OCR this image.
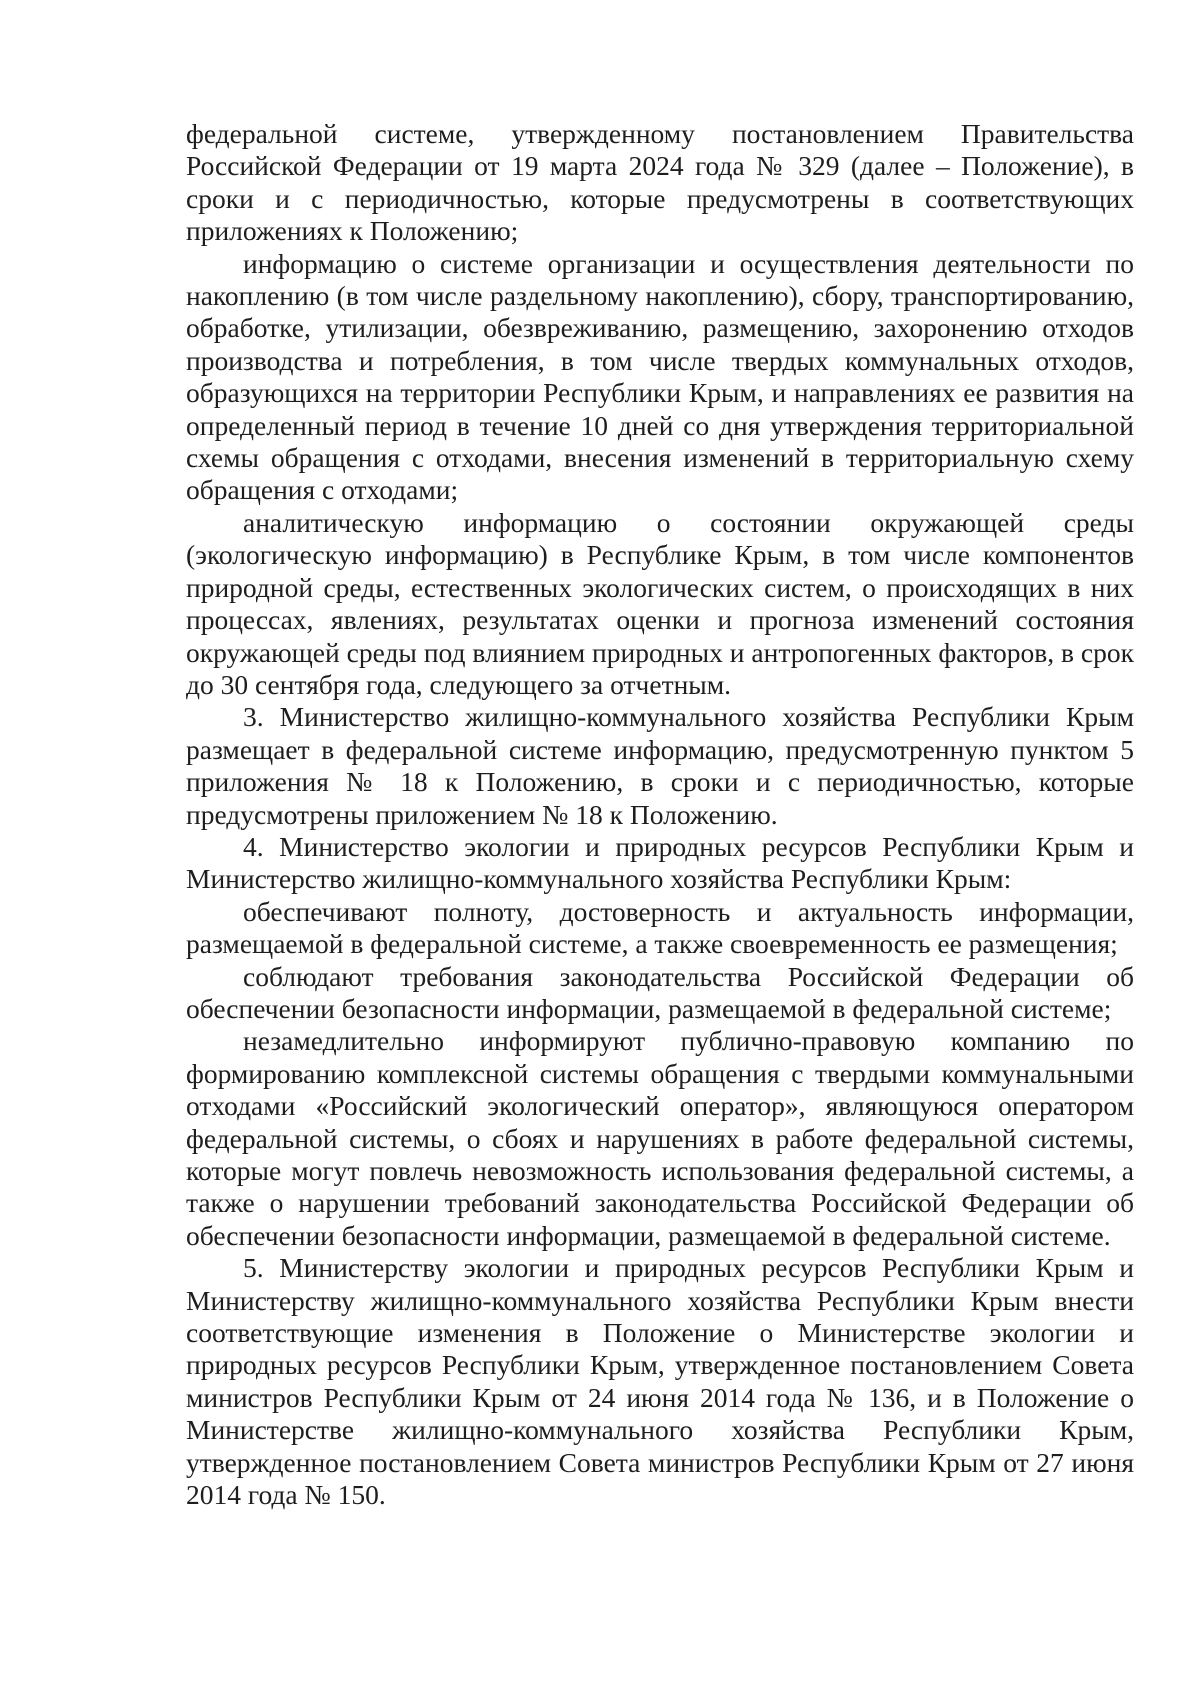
федеральной системе, утвержденному постановлением Правительства Российской Федерации от 19 марта 2024 года № 329 (далее – Положение), в сроки и с периодичностью, которые предусмотрены в соответствующих приложениях к Положению;

информацию о системе организации и осуществления деятельности по накоплению (в том числе раздельному накоплению), сбору, транспортированию, обработке, утилизации, обезвреживанию, размещению, захоронению отходов производства и потребления, в том числе твердых коммунальных отходов, образующихся на территории Республики Крым, и направлениях ее развития на определенный период в течение 10 дней со дня утверждения территориальной схемы обращения с отходами, внесения изменений в территориальную схему обращения с отходами;

аналитическую информацию о состоянии окружающей среды (экологическую информацию) в Республике Крым, в том числе компонентов природной среды, естественных экологических систем, о происходящих в них процессах, явлениях, результатах оценки и прогноза изменений состояния окружающей среды под влиянием природных и антропогенных факторов, в срок до 30 сентября года, следующего за отчетным.

3. Министерство жилищно-коммунального хозяйства Республики Крым размещает в федеральной системе информацию, предусмотренную пунктом 5 приложения № 18 к Положению, в сроки и с периодичностью, которые предусмотрены приложением № 18 к Положению.

4. Министерство экологии и природных ресурсов Республики Крым и Министерство жилищно-коммунального хозяйства Республики Крым:

обеспечивают полноту, достоверность и актуальность информации, размещаемой в федеральной системе, а также своевременность ее размещения;

соблюдают требования законодательства Российской Федерации об обеспечении безопасности информации, размещаемой в федеральной системе;

незамедлительно информируют публично-правовую компанию по формированию комплексной системы обращения с твердыми коммунальными отходами «Российский экологический оператор», являющуюся оператором федеральной системы, о сбоях и нарушениях в работе федеральной системы, которые могут повлечь невозможность использования федеральной системы, а также о нарушении требований законодательства Российской Федерации об обеспечении безопасности информации, размещаемой в федеральной системе.

5. Министерству экологии и природных ресурсов Республики Крым и Министерству жилищно-коммунального хозяйства Республики Крым внести соответствующие изменения в Положение о Министерстве экологии и природных ресурсов Республики Крым, утвержденное постановлением Совета министров Республики Крым от 24 июня 2014 года № 136, и в Положение о Министерстве жилищно-коммунального хозяйства Республики Крым, утвержденное постановлением Совета министров Республики Крым от 27 июня 2014 года № 150.
